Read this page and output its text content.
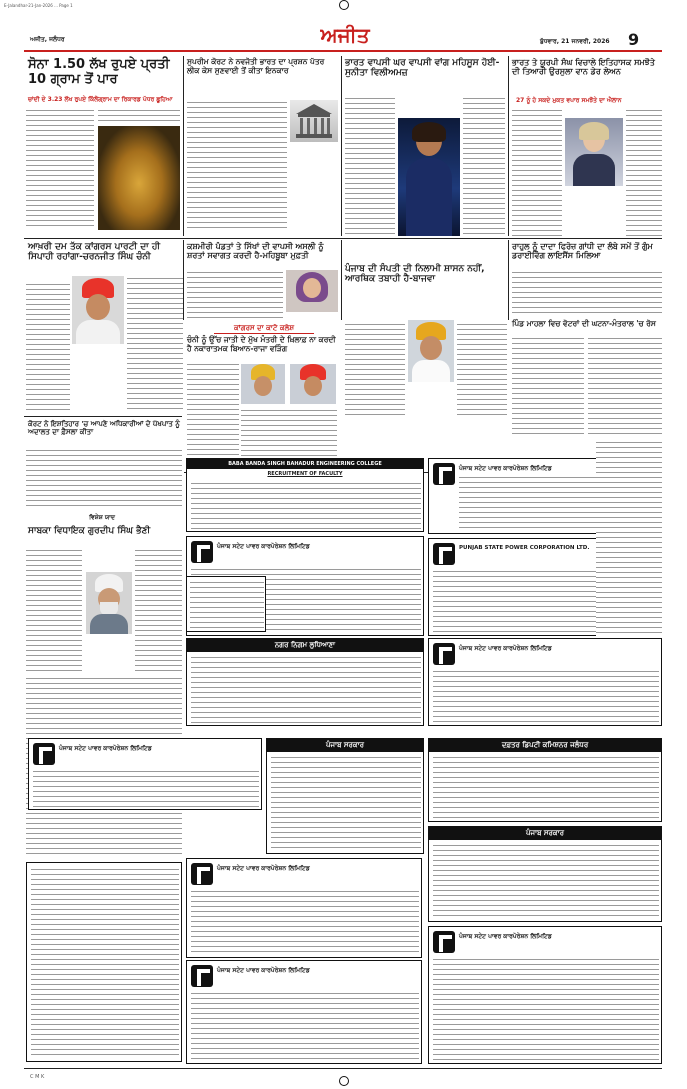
E-Jalandhar-21-Jan-2026 ... Page 1
ਅਜੀਤ, ਜਲੰਧਰ	ਅਜੀਤ	ਬੁੱਧਵਾਰ, 21 ਜਨਵਰੀ, 2026 9
ਸੋਨਾ 1.50 ਲੱਖ ਰੁਪਏ ਪ੍ਰਤੀ 10 ਗ੍ਰਾਮ ਤੋਂ ਪਾਰ
ਚਾਂਦੀ ਦੇ 3.23 ਲੱਖ ਰੁਪਏ ਕਿੱਲੋਗ੍ਰਾਮ ਦਾ ਰਿਕਾਰਡ ਪੱਧਰ ਛੂਹਿਆ
ਸੁਪਰੀਮ ਕੋਰਟ ਨੇ ਨਵਜੋਤੀ ਭਾਰਤ ਦਾ ਪ੍ਰਸ਼ਨ ਪੱਤਰ ਲੀਕ ਕੇਸ ਸੁਣਵਾਈ ਤੋਂ ਕੀਤਾ ਇਨਕਾਰ
ਭਾਰਤ ਵਾਪਸੀ ਘਰ ਵਾਪਸੀ ਵਾਂਗ ਮਹਿਸੂਸ ਹੋਈ-ਸੁਨੀਤਾ ਵਿਲੀਅਮਜ਼
ਭਾਰਤ ਤੇ ਯੂਰਪੀ ਸੰਘ ਵਿਚਾਲੇ ਇਤਿਹਾਸਕ ਸਮਝੌਤੇ ਦੀ ਤਿਆਰੀ ਉਰਸੁਲਾ ਵਾਨ ਡੇਰ ਲੇਅਨ
27 ਨੂੰ ਹੋ ਸਕਦੇ ਮੁਕਤ ਵਪਾਰ ਸਮਝੌਤੇ ਦਾ ਐਲਾਨ
ਆਖ਼ਰੀ ਦਮ ਤੱਕ ਕਾਂਗਰਸ ਪਾਰਟੀ ਦਾ ਹੀ ਸਿਪਾਹੀ ਰਹਾਂਗਾ-ਚਰਨਜੀਤ ਸਿੰਘ ਚੰਨੀ
ਕਸ਼ਮੀਰੀ ਪੰਡਤਾਂ ਤੇ ਸਿੱਖਾਂ ਦੀ ਵਾਪਸੀ ਅਸਲੀ ਨੂੰ ਸ਼ਰਤਾਂ ਸਵਾਗਤ ਕਰਦੀ ਹੈ-ਮਹਿਬੂਬਾ ਮੁਫ਼ਤੀ
ਰਾਹੁਲ ਨੂੰ ਦਾਦਾ ਫਿਰੋਜ਼ ਗਾਂਧੀ ਦਾ ਲੰਬੇ ਸਮੇਂ ਤੋਂ ਗੁੰਮ ਡਰਾਈਵਿੰਗ ਲਾਇਸੈਂਸ ਮਿਲਿਆ
ਪੰਜਾਬ ਦੀ ਸੰਪਤੀ ਦੀ ਨਿਲਾਮੀ ਸ਼ਾਸਨ ਨਹੀਂ, ਆਰਥਿਕ ਤਬਾਹੀ ਹੈ-ਬਾਜਵਾ
ਪਿੰਡ ਮਾਹਲਾ ਵਿਚ ਵੋਟਰਾਂ ਦੀ ਘਟਨਾ-ਮੰਤਰਾਲ 'ਚ ਰੋਸ
ਕਾਂਗਰਸ ਦਾ ਕਾਟੋ ਕਲੇਸ਼
ਚੰਨੀ ਨੂੰ ਉੱਚ ਜਾਤੀ ਦੇ ਮੁੱਖ ਮੰਤਰੀ ਦੇ ਖ਼ਿਲਾਫ਼ ਨਾ ਕਰਦੀ ਹੈ ਨਕਾਰਾਤਮਕ ਬਿਆਨ-ਰਾਜਾ ਵੜਿੰਗ
ਕੋਰਟ ਨੇ ਇਸ਼ਤਿਹਾਰ 'ਚ ਆਪਣੇ ਅਧਿਕਾਰੀਆਂ ਦੇ ਪੱਖਪਾਤ ਨੂੰ ਅਦਾਲਤ ਦਾ ਫ਼ੈਸਲਾ ਕੀਤਾ
ਵਿਸ਼ੇਸ਼ ਯਾਦ
ਸਾਬਕਾ ਵਿਧਾਇਕ ਗੁਰਦੀਪ ਸਿੰਘ ਭੈਣੀ
BABA BANDA SINGH BAHADUR ENGINEERING COLLEGE
RECRUITMENT OF FACULTY
ਪੰਜਾਬ ਸਟੇਟ ਪਾਵਰ ਕਾਰਪੋਰੇਸ਼ਨ ਲਿਮਿਟਿਡ
ਪੰਜਾਬ ਸਟੇਟ ਪਾਵਰ ਕਾਰਪੋਰੇਸ਼ਨ ਲਿਮਿਟਿਡ	PUNJAB STATE POWER CORPORATION LTD.
ਨਗਰ ਨਿਗਮ ਲੁਧਿਆਣਾ	ਪੰਜਾਬ ਸਟੇਟ ਪਾਵਰ ਕਾਰਪੋਰੇਸ਼ਨ ਲਿਮਿਟਿਡ
ਪੰਜਾਬ ਸਟੇਟ ਪਾਵਰ ਕਾਰਪੋਰੇਸ਼ਨ ਲਿਮਿਟਿਡ	ਪੰਜਾਬ ਸਰਕਾਰ	ਦਫ਼ਤਰ ਡਿਪਟੀ ਕਮਿਸ਼ਨਰ ਜਲੰਧਰ
ਪੰਜਾਬ ਸਰਕਾਰ
ਪੰਜਾਬ ਸਟੇਟ ਪਾਵਰ ਕਾਰਪੋਰੇਸ਼ਨ ਲਿਮਿਟਿਡ
ਪੰਜਾਬ ਸਟੇਟ ਪਾਵਰ ਕਾਰਪੋਰੇਸ਼ਨ ਲਿਮਿਟਿਡ
ਪੰਜਾਬ ਸਟੇਟ ਪਾਵਰ ਕਾਰਪੋਰੇਸ਼ਨ ਲਿਮਿਟਿਡ
C M K
